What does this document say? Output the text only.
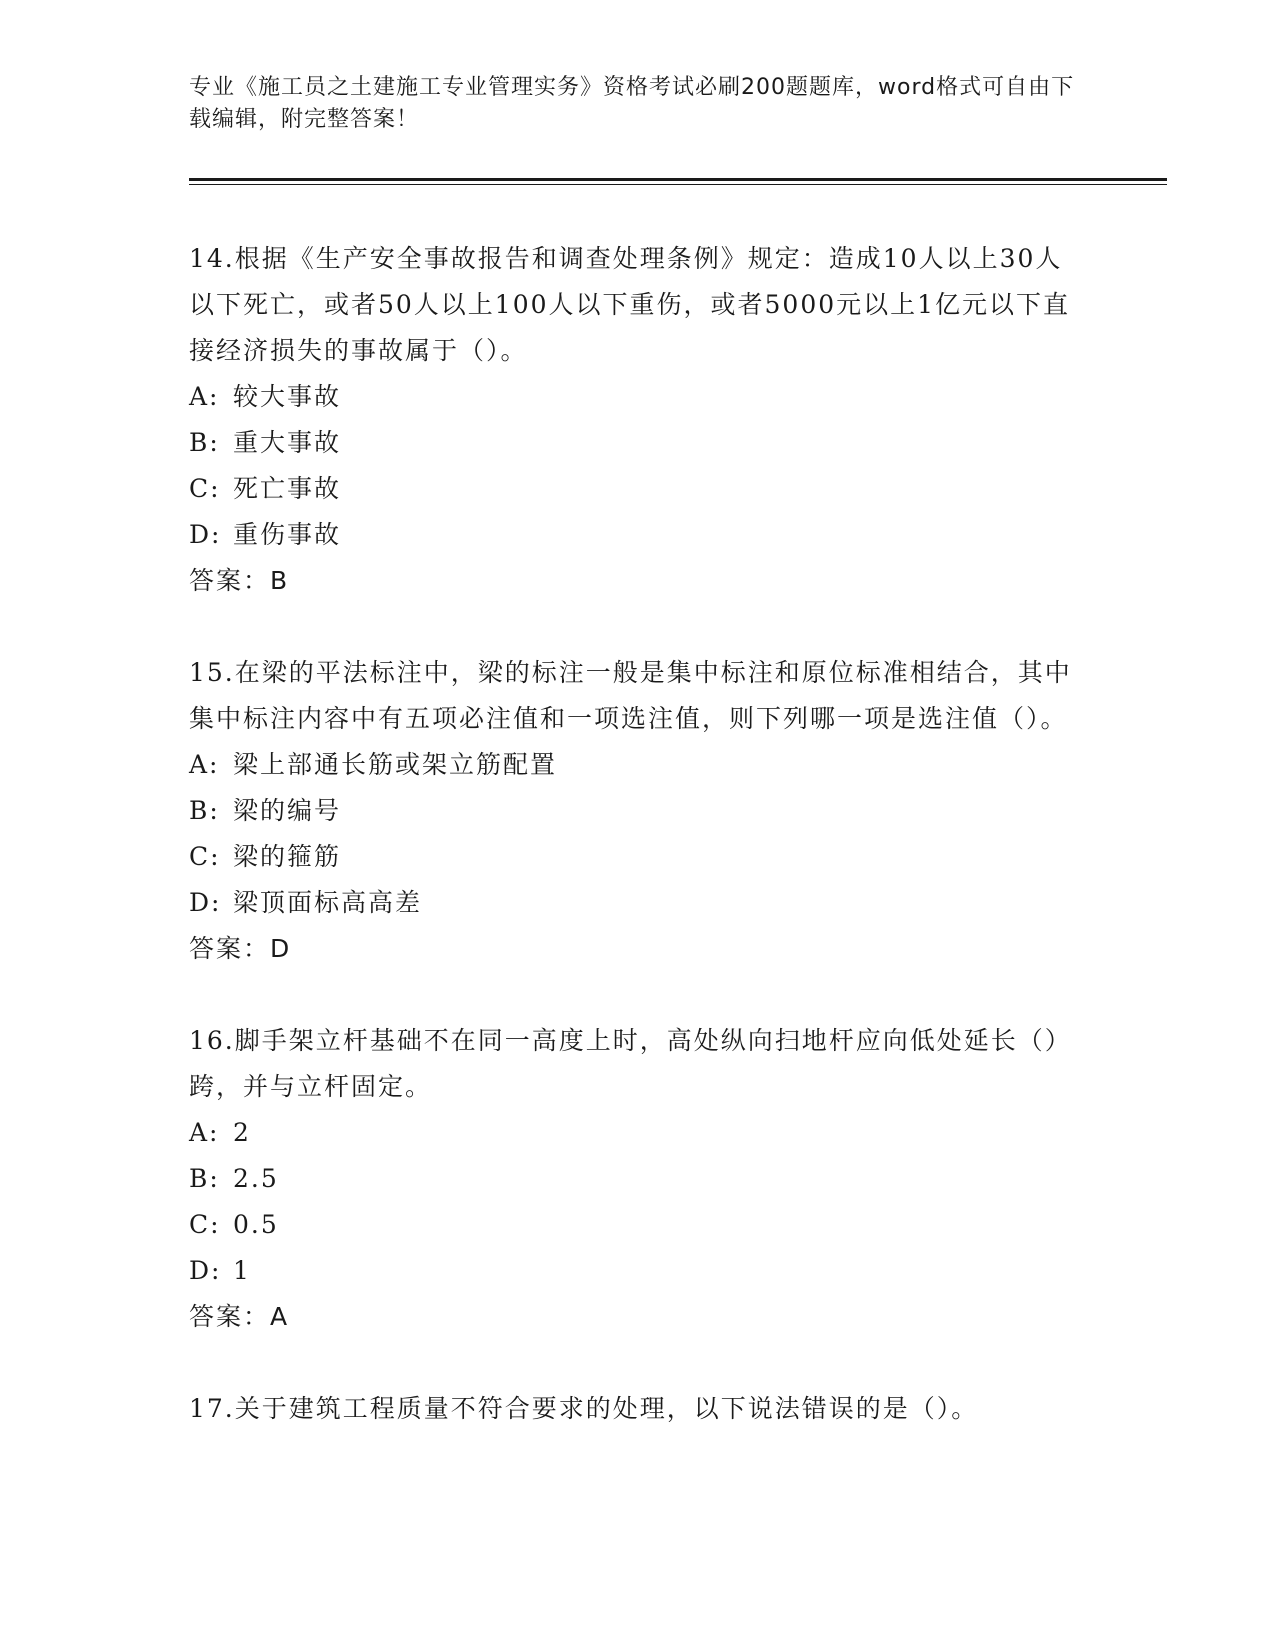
专业《施工员之土建施工专业管理实务》资格考试必刷200题题库，word格式可自由下载编辑，附完整答案！

14.根据《生产安全事故报告和调查处理条例》规定：造成10人以上30人以下死亡，或者50人以上100人以下重伤，或者5000元以上1亿元以下直接经济损失的事故属于（）。

A: 较大事故

B: 重大事故

C: 死亡事故

D: 重伤事故

答案：B

15.在梁的平法标注中，梁的标注一般是集中标注和原位标准相结合，其中集中标注内容中有五项必注值和一项选注值，则下列哪一项是选注值（）。

A: 梁上部通长筋或架立筋配置

B: 梁的编号

C: 梁的箍筋

D: 梁顶面标高高差

答案：D

16.脚手架立杆基础不在同一高度上时，高处纵向扫地杆应向低处延长（）跨，并与立杆固定。

A: 2

B: 2.5

C: 0.5

D: 1

答案：A

17.关于建筑工程质量不符合要求的处理，以下说法错误的是（）。
